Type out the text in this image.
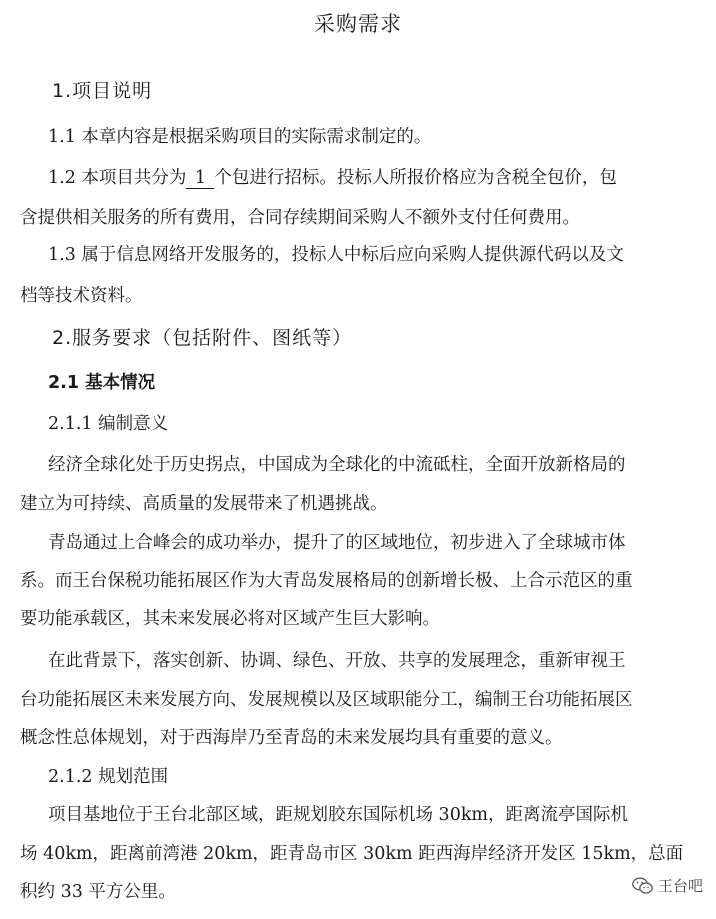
采购需求
1.项目说明
1.1 本章内容是根据采购项目的实际需求制定的。
1.2 本项目共分为 1 个包进行招标。投标人所报价格应为含税全包价，包
含提供相关服务的所有费用，合同存续期间采购人不额外支付任何费用。
1.3 属于信息网络开发服务的，投标人中标后应向采购人提供源代码以及文
档等技术资料。
2.服务要求（包括附件、图纸等）
2.1 基本情况
2.1.1 编制意义
经济全球化处于历史拐点，中国成为全球化的中流砥柱，全面开放新格局的
建立为可持续、高质量的发展带来了机遇挑战。
青岛通过上合峰会的成功举办，提升了的区域地位，初步进入了全球城市体
系。而王台保税功能拓展区作为大青岛发展格局的创新增长极、上合示范区的重
要功能承载区，其未来发展必将对区域产生巨大影响。
在此背景下，落实创新、协调、绿色、开放、共享的发展理念，重新审视王
台功能拓展区未来发展方向、发展规模以及区域职能分工，编制王台功能拓展区
概念性总体规划，对于西海岸乃至青岛的未来发展均具有重要的意义。
2.1.2 规划范围
项目基地位于王台北部区域，距规划胶东国际机场 30km，距离流亭国际机
场 40km，距离前湾港 20km，距青岛市区 30km 距西海岸经济开发区 15km，总面
积约 33 平方公里。	王台吧
